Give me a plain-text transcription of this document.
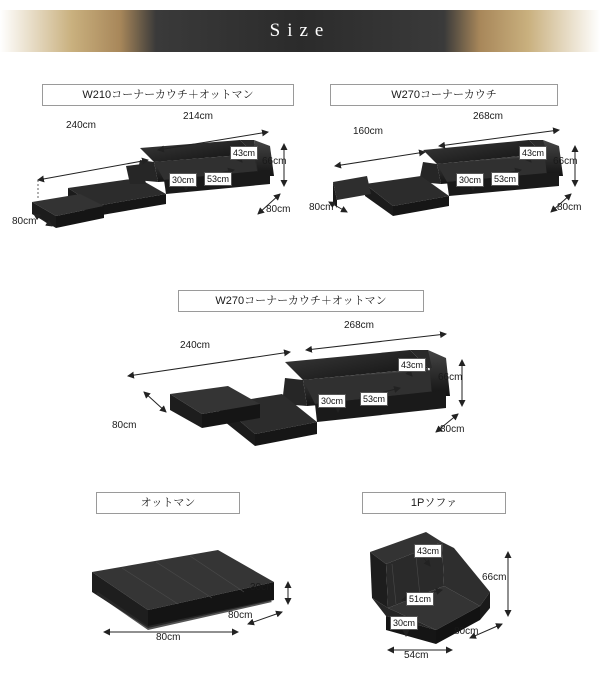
Size
W210コーナーカウチ＋オットマン
240cm
214cm
43cm
66cm
53cm
30cm
80cm
80cm
W270コーナーカウチ
160cm
268cm
43cm
66cm
53cm
30cm
80cm
80cm
W270コーナーカウチ＋オットマン
240cm
268cm
43cm
66cm
53cm
30cm
80cm
80cm
オットマン
30cm
80cm
80cm
1Pソファ
43cm
66cm
51cm
30cm
80cm
54cm
